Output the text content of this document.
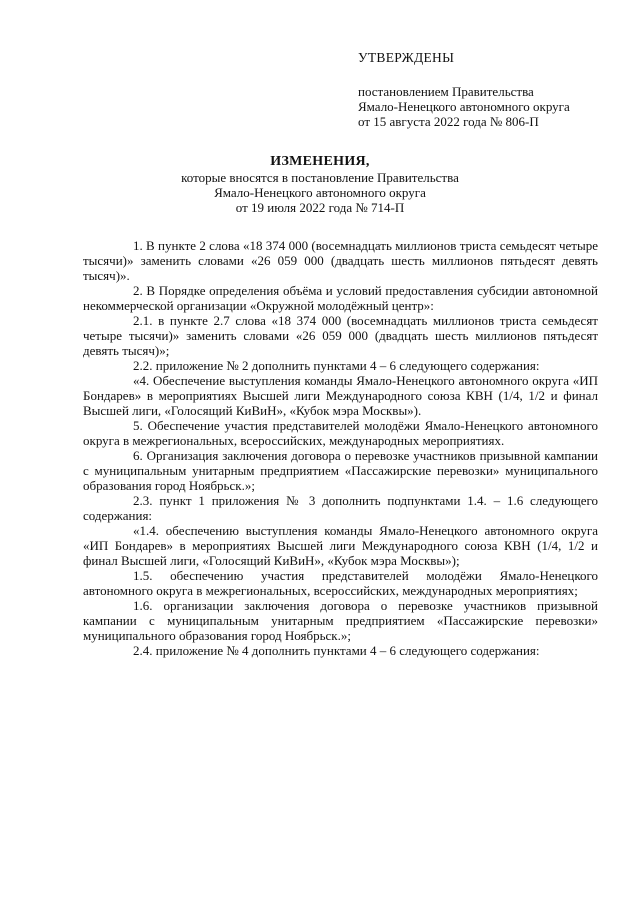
УТВЕРЖДЕНЫ
постановлением Правительства
Ямало-Ненецкого автономного округа
от 15 августа 2022 года № 806-П
ИЗМЕНЕНИЯ,
которые вносятся в постановление Правительства
Ямало-Ненецкого автономного округа
от 19 июля 2022 года № 714-П

1. В пункте 2 слова «18 374 000 (восемнадцать миллионов триста семьдесят четыре тысячи)» заменить словами «26 059 000 (двадцать шесть миллионов пятьдесят девять тысяч)».

2. В Порядке определения объёма и условий предоставления субсидии автономной некоммерческой организации «Окружной молодёжный центр»:

2.1. в пункте 2.7 слова «18 374 000 (восемнадцать миллионов триста семьдесят четыре тысячи)» заменить словами «26 059 000 (двадцать шесть миллионов пятьдесят девять тысяч)»;

2.2. приложение № 2 дополнить пунктами 4 – 6 следующего содержания:

«4. Обеспечение выступления команды Ямало-Ненецкого автономного округа «ИП Бондарев» в мероприятиях Высшей лиги Международного союза КВН (1/4, 1/2 и финал Высшей лиги, «Голосящий КиВиН», «Кубок мэра Москвы»).

5. Обеспечение участия представителей молодёжи Ямало-Ненецкого автономного округа в межрегиональных, всероссийских, международных мероприятиях.

6. Организация заключения договора о перевозке участников призывной кампании с муниципальным унитарным предприятием «Пассажирские перевозки» муниципального образования город Ноябрьск.»;

2.3. пункт 1 приложения № 3 дополнить подпунктами 1.4. – 1.6 следующего содержания:

«1.4. обеспечению выступления команды Ямало-Ненецкого автономного округа «ИП Бондарев» в мероприятиях Высшей лиги Международного союза КВН (1/4, 1/2 и финал Высшей лиги, «Голосящий КиВиН», «Кубок мэра Москвы»);

1.5. обеспечению участия представителей молодёжи Ямало-Ненецкого автономного округа в межрегиональных, всероссийских, международных мероприятиях;

1.6. организации заключения договора о перевозке участников призывной кампании с муниципальным унитарным предприятием «Пассажирские перевозки» муниципального образования город Ноябрьск.»;

2.4. приложение № 4 дополнить пунктами 4 – 6 следующего содержания:
